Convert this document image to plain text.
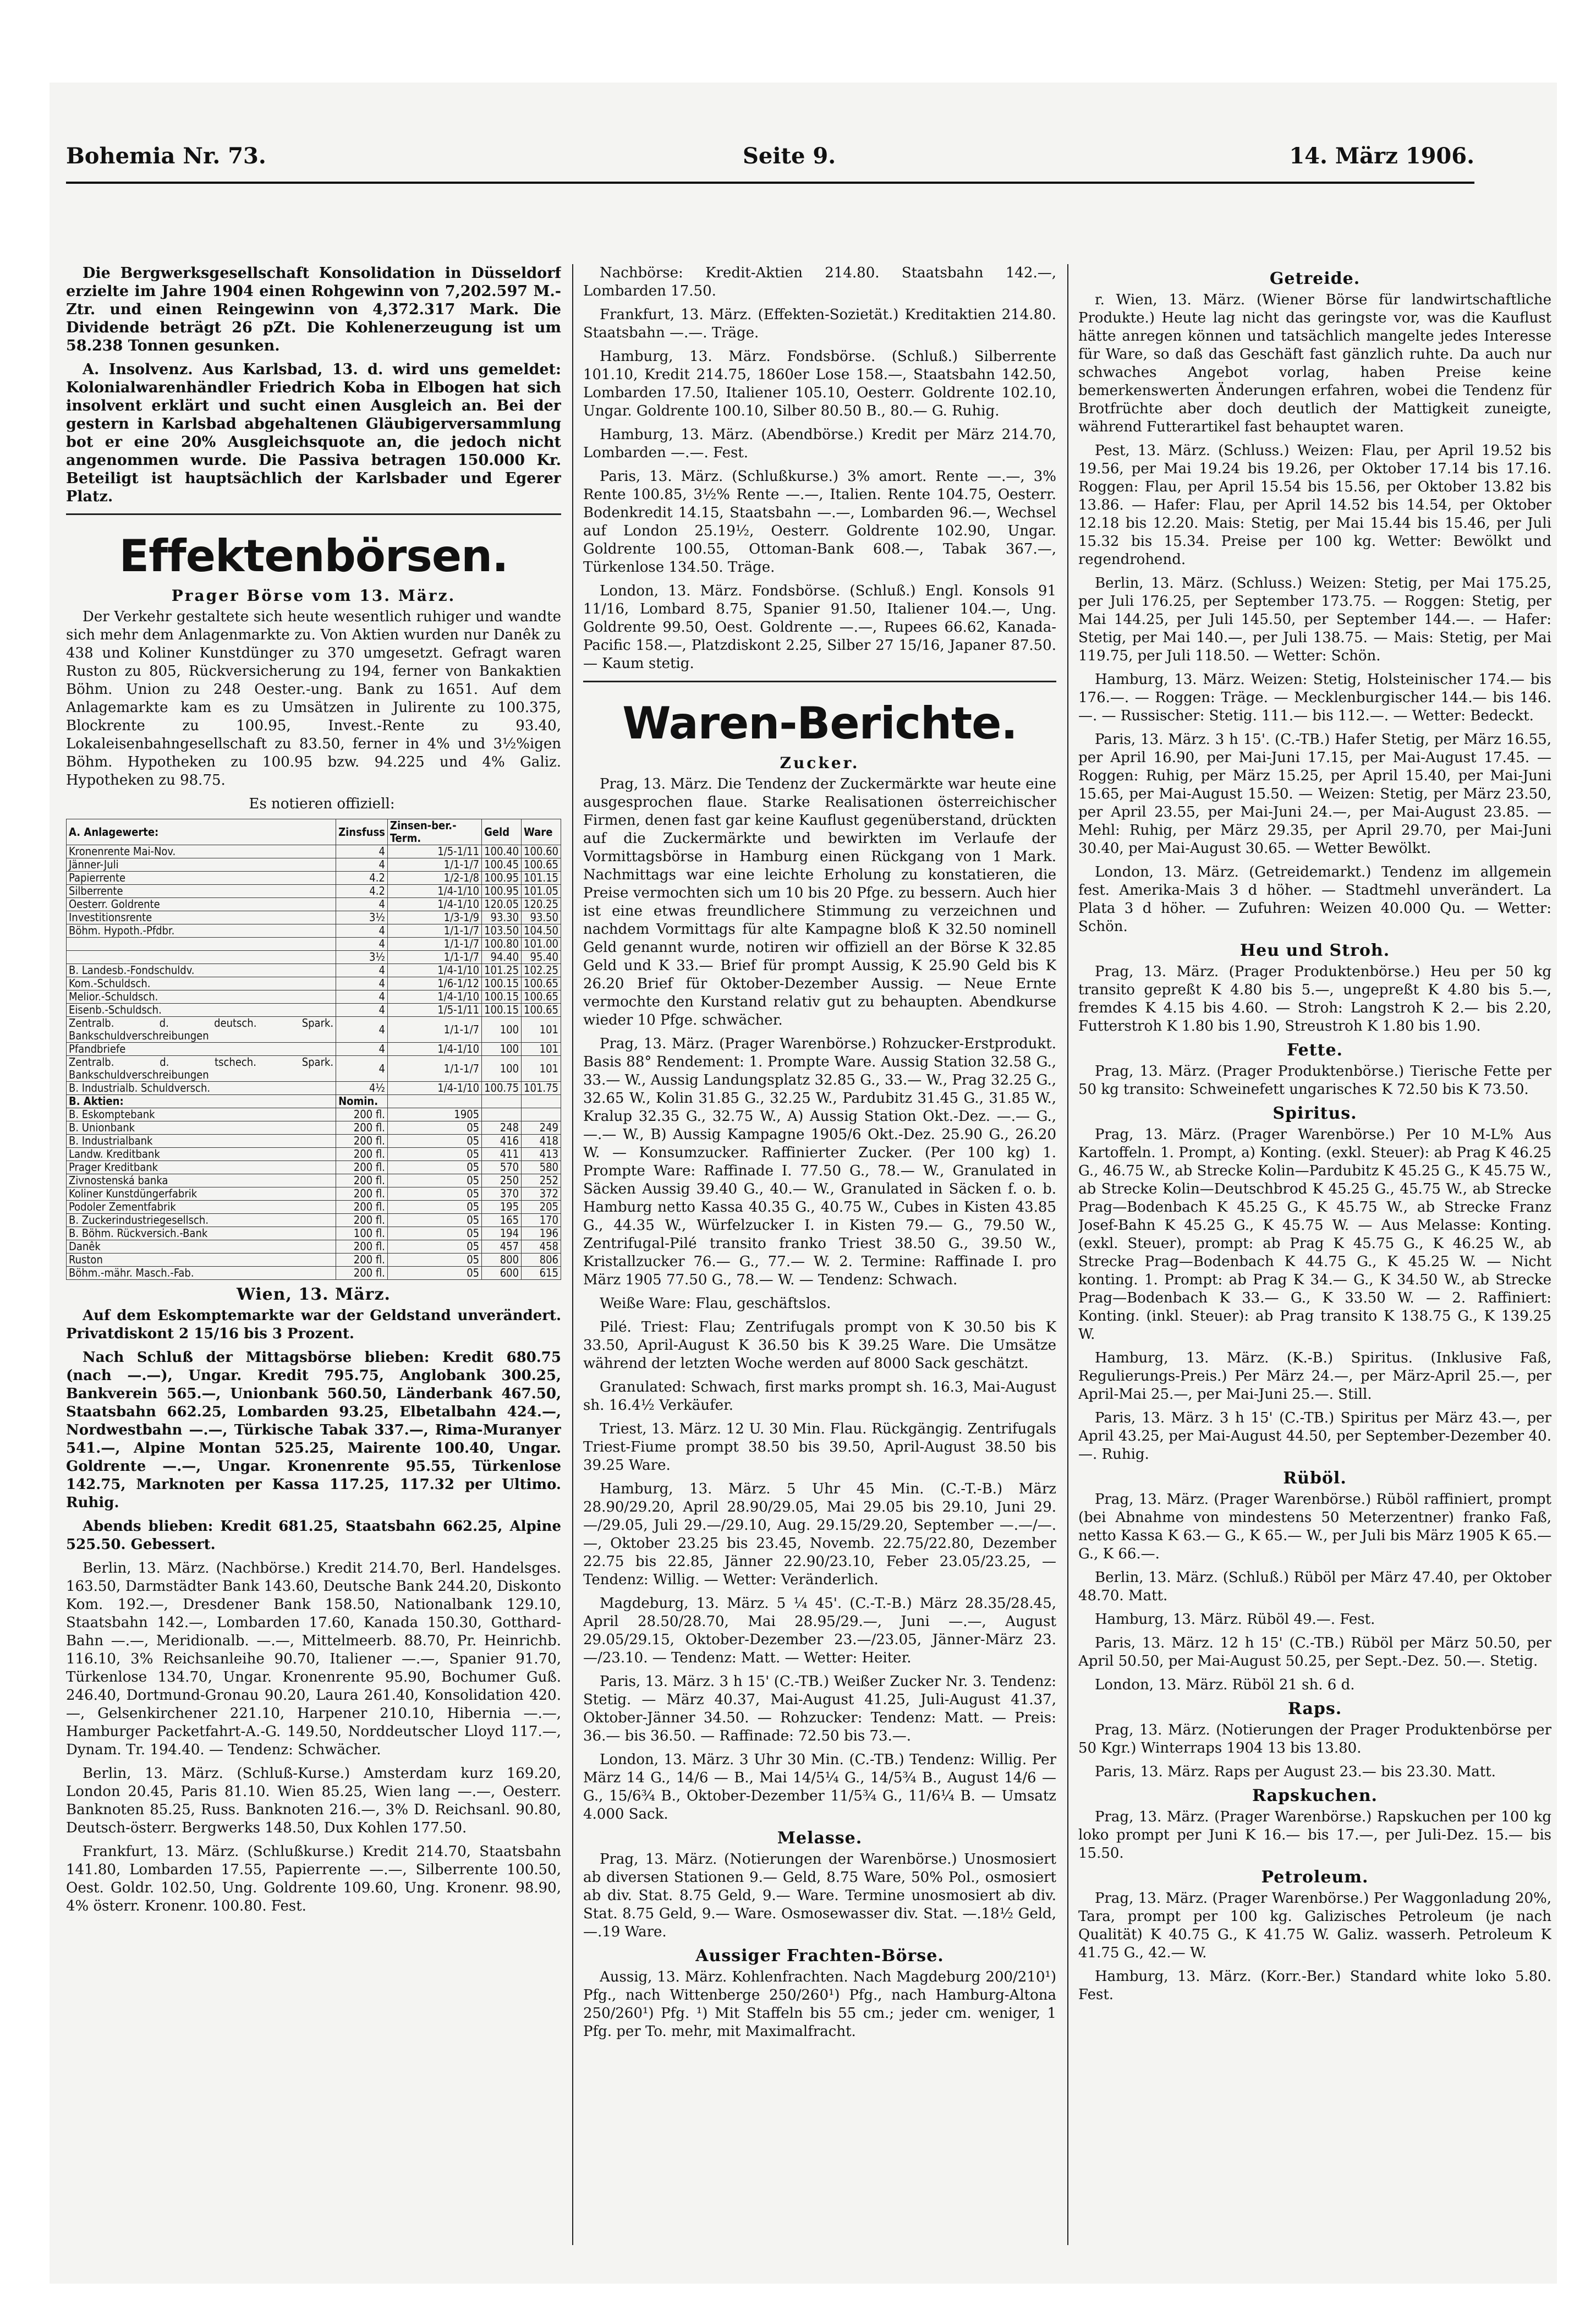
Bohemia Nr. 73.	Seite 9.	14. März 1906.

Die Bergwerksgesellschaft Konsolidation in Düsseldorf erzielte im Jahre 1904 einen Rohgewinn von 7,202.597 M.-Ztr. und einen Reingewinn von 4,372.317 Mark. Die Dividende beträgt 26 pZt. Die Kohlenerzeugung ist um 58.238 Tonnen gesunken.

A. Insolvenz. Aus Karlsbad, 13. d. wird uns gemeldet: Kolonialwarenhändler Friedrich Koba in Elbogen hat sich insolvent erklärt und sucht einen Ausgleich an. Bei der gestern in Karlsbad abgehaltenen Gläubigerversammlung bot er eine 20% Ausgleichsquote an, die jedoch nicht angenommen wurde. Die Passiva betragen 150.000 Kr. Beteiligt ist hauptsächlich der Karlsbader und Egerer Platz.

Effektenbörsen.
Prager Börse vom 13. März.

Der Verkehr gestaltete sich heute wesentlich ruhiger und wandte sich mehr dem Anlagenmarkte zu. Von Aktien wurden nur Danêk zu 438 und Koliner Kunstdünger zu 370 umgesetzt. Gefragt waren Ruston zu 805, Rückversicherung zu 194, ferner von Bankaktien Böhm. Union zu 248 Oester.-ung. Bank zu 1651. Auf dem Anlagemarkte kam es zu Umsätzen in Julirente zu 100.375, Blockrente zu 100.95, Invest.-Rente zu 93.40, Lokaleisenbahngesellschaft zu 83.50, ferner in 4% und 3½%igen Böhm. Hypotheken zu 100.95 bzw. 94.225 und 4% Galiz. Hypotheken zu 98.75.

Es notieren offiziell:

A. Anlagewerte:	Zinsfuss	Zinsen-ber.-Term.	Geld	Ware
Kronenrente Mai-Nov.	4	1/5-1/11	100.40	100.60
Jänner-Juli	4	1/1-1/7	100.45	100.65
Papierrente	4.2	1/2-1/8	100.95	101.15
Silberrente	4.2	1/4-1/10	100.95	101.05
Oesterr. Goldrente	4	1/4-1/10	120.05	120.25
Investitionsrente	3½	1/3-1/9	93.30	93.50
Böhm. Hypoth.-Pfdbr.	4	1/1-1/7	103.50	104.50
	4	1/1-1/7	100.80	101.00
	3½	1/1-1/7	94.40	95.40
B. Landesb.-Fondschuldv.	4	1/4-1/10	101.25	102.25
Kom.-Schuldsch.	4	1/6-1/12	100.15	100.65
Melior.-Schuldsch.	4	1/4-1/10	100.15	100.65
Eisenb.-Schuldsch.	4	1/5-1/11	100.15	100.65
Zentralb. d. deutsch. Spark. Bankschuldverschreibungen	4	1/1-1/7	100	101
Pfandbriefe	4	1/4-1/10	100	101
Zentralb. d. tschech. Spark. Bankschuldverschreibungen	4	1/1-1/7	100	101
B. Industrialb. Schuldversch.	4½	1/4-1/10	100.75	101.75
B. Aktien:	Nomin.			
B. Eskomptebank	200 fl.	1905		
B. Unionbank	200 fl.	05	248	249
B. Industrialbank	200 fl.	05	416	418
Landw. Kreditbank	200 fl.	05	411	413
Prager Kreditbank	200 fl.	05	570	580
Zivnostenská banka	200 fl.	05	250	252
Koliner Kunstdüngerfabrik	200 fl.	05	370	372
Podoler Zementfabrik	200 fl.	05	195	205
B. Zuckerindustriegesellsch.	200 fl.	05	165	170
B. Böhm. Rückversich.-Bank	100 fl.	05	194	196
Danêk	200 fl.	05	457	458
Ruston	200 fl.	05	800	806
Böhm.-mähr. Masch.-Fab.	200 fl.	05	600	615
Wien, 13. März.

Auf dem Eskomptemarkte war der Geldstand unverändert. Privatdiskont 2 15/16 bis 3 Prozent.

Nach Schluß der Mittagsbörse blieben: Kredit 680.75 (nach —.—), Ungar. Kredit 795.75, Anglobank 300.25, Bankverein 565.—, Unionbank 560.50, Länderbank 467.50, Staatsbahn 662.25, Lombarden 93.25, Elbetalbahn 424.—, Nordwestbahn —.—, Türkische Tabak 337.—, Rima-Muranyer 541.—, Alpine Montan 525.25, Mairente 100.40, Ungar. Goldrente —.—, Ungar. Kronenrente 95.55, Türkenlose 142.75, Marknoten per Kassa 117.25, 117.32 per Ultimo. Ruhig.

Abends blieben: Kredit 681.25, Staatsbahn 662.25, Alpine 525.50. Gebessert.

Berlin, 13. März. (Nachbörse.) Kredit 214.70, Berl. Handelsges. 163.50, Darmstädter Bank 143.60, Deutsche Bank 244.20, Diskonto Kom. 192.—, Dresdener Bank 158.50, Nationalbank 129.10, Staatsbahn 142.—, Lombarden 17.60, Kanada 150.30, Gotthard-Bahn —.—, Meridionalb. —.—, Mittelmeerb. 88.70, Pr. Heinrichb. 116.10, 3% Reichsanleihe 90.70, Italiener —.—, Spanier 91.70, Türkenlose 134.70, Ungar. Kronenrente 95.90, Bochumer Guß. 246.40, Dortmund-Gronau 90.20, Laura 261.40, Konsolidation 420.—, Gelsenkirchener 221.10, Harpener 210.10, Hibernia —.—, Hamburger Packetfahrt-A.-G. 149.50, Norddeutscher Lloyd 117.—, Dynam. Tr. 194.40. — Tendenz: Schwächer.

Berlin, 13. März. (Schluß-Kurse.) Amsterdam kurz 169.20, London 20.45, Paris 81.10. Wien 85.25, Wien lang —.—, Oesterr. Banknoten 85.25, Russ. Banknoten 216.—, 3% D. Reichsanl. 90.80, Deutsch-österr. Bergwerks 148.50, Dux Kohlen 177.50.

Frankfurt, 13. März. (Schlußkurse.) Kredit 214.70, Staatsbahn 141.80, Lombarden 17.55, Papierrente —.—, Silberrente 100.50, Oest. Goldr. 102.50, Ung. Goldrente 109.60, Ung. Kronenr. 98.90, 4% österr. Kronenr. 100.80. Fest.

Nachbörse: Kredit-Aktien 214.80. Staatsbahn 142.—, Lombarden 17.50.

Frankfurt, 13. März. (Effekten-Sozietät.) Kreditaktien 214.80. Staatsbahn —.—. Träge.

Hamburg, 13. März. Fondsbörse. (Schluß.) Silberrente 101.10, Kredit 214.75, 1860er Lose 158.—, Staatsbahn 142.50, Lombarden 17.50, Italiener 105.10, Oesterr. Goldrente 102.10, Ungar. Goldrente 100.10, Silber 80.50 B., 80.— G. Ruhig.

Hamburg, 13. März. (Abendbörse.) Kredit per März 214.70, Lombarden —.—. Fest.

Paris, 13. März. (Schlußkurse.) 3% amort. Rente —.—, 3% Rente 100.85, 3½% Rente —.—, Italien. Rente 104.75, Oesterr. Bodenkredit 14.15, Staatsbahn —.—, Lombarden 96.—, Wechsel auf London 25.19½, Oesterr. Goldrente 102.90, Ungar. Goldrente 100.55, Ottoman-Bank 608.—, Tabak 367.—, Türkenlose 134.50. Träge.

London, 13. März. Fondsbörse. (Schluß.) Engl. Konsols 91 11/16, Lombard 8.75, Spanier 91.50, Italiener 104.—, Ung. Goldrente 99.50, Oest. Goldrente —.—, Rupees 66.62, Kanada-Pacific 158.—, Platzdiskont 2.25, Silber 27 15/16, Japaner 87.50. — Kaum stetig.

Waren-Berichte.
Zucker.

Prag, 13. März. Die Tendenz der Zuckermärkte war heute eine ausgesprochen flaue. Starke Realisationen österreichischer Firmen, denen fast gar keine Kauflust gegenüberstand, drückten auf die Zuckermärkte und bewirkten im Verlaufe der Vormittagsbörse in Hamburg einen Rückgang von 1 Mark. Nachmittags war eine leichte Erholung zu konstatieren, die Preise vermochten sich um 10 bis 20 Pfge. zu bessern. Auch hier ist eine etwas freundlichere Stimmung zu verzeichnen und nachdem Vormittags für alte Kampagne bloß K 32.50 nominell Geld genannt wurde, notiren wir offiziell an der Börse K 32.85 Geld und K 33.— Brief für prompt Aussig, K 25.90 Geld bis K 26.20 Brief für Oktober-Dezember Aussig. — Neue Ernte vermochte den Kurstand relativ gut zu behaupten. Abendkurse wieder 10 Pfge. schwächer.

Prag, 13. März. (Prager Warenbörse.) Rohzucker-Erstprodukt. Basis 88° Rendement: 1. Prompte Ware. Aussig Station 32.58 G., 33.— W., Aussig Landungsplatz 32.85 G., 33.— W., Prag 32.25 G., 32.65 W., Kolin 31.85 G., 32.25 W., Pardubitz 31.45 G., 31.85 W., Kralup 32.35 G., 32.75 W., A) Aussig Station Okt.-Dez. —.— G., —.— W., B) Aussig Kampagne 1905/6 Okt.-Dez. 25.90 G., 26.20 W. — Konsumzucker. Raffinierter Zucker. (Per 100 kg) 1. Prompte Ware: Raffinade I. 77.50 G., 78.— W., Granulated in Säcken Aussig 39.40 G., 40.— W., Granulated in Säcken f. o. b. Hamburg netto Kassa 40.35 G., 40.75 W., Cubes in Kisten 43.85 G., 44.35 W., Würfelzucker I. in Kisten 79.— G., 79.50 W., Zentrifugal-Pilé transito franko Triest 38.50 G., 39.50 W., Kristallzucker 76.— G., 77.— W. 2. Termine: Raffinade I. pro März 1905 77.50 G., 78.— W. — Tendenz: Schwach.

Weiße Ware: Flau, geschäftslos.

Pilé. Triest: Flau; Zentrifugals prompt von K 30.50 bis K 33.50, April-August K 36.50 bis K 39.25 Ware. Die Umsätze während der letzten Woche werden auf 8000 Sack geschätzt.

Granulated: Schwach, first marks prompt sh. 16.3, Mai-August sh. 16.4½ Verkäufer.

Triest, 13. März. 12 U. 30 Min. Flau. Rückgängig. Zentrifugals Triest-Fiume prompt 38.50 bis 39.50, April-August 38.50 bis 39.25 Ware.

Hamburg, 13. März. 5 Uhr 45 Min. (C.-T.-B.) März 28.90/29.20, April 28.90/29.05, Mai 29.05 bis 29.10, Juni 29.—/29.05, Juli 29.—/29.10, Aug. 29.15/29.20, September —.—/—.—, Oktober 23.25 bis 23.45, Novemb. 22.75/22.80, Dezember 22.75 bis 22.85, Jänner 22.90/23.10, Feber 23.05/23.25, — Tendenz: Willig. — Wetter: Veränderlich.

Magdeburg, 13. März. 5 ¼ 45'. (C.-T.-B.) März 28.35/28.45, April 28.50/28.70, Mai 28.95/29.—, Juni —.—, August 29.05/29.15, Oktober-Dezember 23.—/23.05, Jänner-März 23.—/23.10. — Tendenz: Matt. — Wetter: Heiter.

Paris, 13. März. 3 h 15' (C.-TB.) Weißer Zucker Nr. 3. Tendenz: Stetig. — März 40.37, Mai-August 41.25, Juli-August 41.37, Oktober-Jänner 34.50. — Rohzucker: Tendenz: Matt. — Preis: 36.— bis 36.50. — Raffinade: 72.50 bis 73.—.

London, 13. März. 3 Uhr 30 Min. (C.-TB.) Tendenz: Willig. Per März 14 G., 14/6 — B., Mai 14/5¼ G., 14/5¾ B., August 14/6 — G., 15/6¾ B., Oktober-Dezember 11/5¾ G., 11/6¼ B. — Umsatz 4.000 Sack.

Melasse.

Prag, 13. März. (Notierungen der Warenbörse.) Unosmosiert ab diversen Stationen 9.— Geld, 8.75 Ware, 50% Pol., osmosiert ab div. Stat. 8.75 Geld, 9.— Ware. Termine unosmosiert ab div. Stat. 8.75 Geld, 9.— Ware. Osmosewasser div. Stat. —.18½ Geld, —.19 Ware.

Aussiger Frachten-Börse.

Aussig, 13. März. Kohlenfrachten. Nach Magdeburg 200/210¹) Pfg., nach Wittenberge 250/260¹) Pfg., nach Hamburg-Altona 250/260¹) Pfg. ¹) Mit Staffeln bis 55 cm.; jeder cm. weniger, 1 Pfg. per To. mehr, mit Maximalfracht.

Getreide.

r. Wien, 13. März. (Wiener Börse für landwirtschaftliche Produkte.) Heute lag nicht das geringste vor, was die Kauflust hätte anregen können und tatsächlich mangelte jedes Interesse für Ware, so daß das Geschäft fast gänzlich ruhte. Da auch nur schwaches Angebot vorlag, haben Preise keine bemerkenswerten Änderungen erfahren, wobei die Tendenz für Brotfrüchte aber doch deutlich der Mattigkeit zuneigte, während Futterartikel fast behauptet waren.

Pest, 13. März. (Schluss.) Weizen: Flau, per April 19.52 bis 19.56, per Mai 19.24 bis 19.26, per Oktober 17.14 bis 17.16. Roggen: Flau, per April 15.54 bis 15.56, per Oktober 13.82 bis 13.86. — Hafer: Flau, per April 14.52 bis 14.54, per Oktober 12.18 bis 12.20. Mais: Stetig, per Mai 15.44 bis 15.46, per Juli 15.32 bis 15.34. Preise per 100 kg. Wetter: Bewölkt und regendrohend.

Berlin, 13. März. (Schluss.) Weizen: Stetig, per Mai 175.25, per Juli 176.25, per September 173.75. — Roggen: Stetig, per Mai 144.25, per Juli 145.50, per September 144.—. — Hafer: Stetig, per Mai 140.—, per Juli 138.75. — Mais: Stetig, per Mai 119.75, per Juli 118.50. — Wetter: Schön.

Hamburg, 13. März. Weizen: Stetig, Holsteinischer 174.— bis 176.—. — Roggen: Träge. — Mecklenburgischer 144.— bis 146.—. — Russischer: Stetig. 111.— bis 112.—. — Wetter: Bedeckt.

Paris, 13. März. 3 h 15'. (C.-TB.) Hafer Stetig, per März 16.55, per April 16.90, per Mai-Juni 17.15, per Mai-August 17.45. — Roggen: Ruhig, per März 15.25, per April 15.40, per Mai-Juni 15.65, per Mai-August 15.50. — Weizen: Stetig, per März 23.50, per April 23.55, per Mai-Juni 24.—, per Mai-August 23.85. — Mehl: Ruhig, per März 29.35, per April 29.70, per Mai-Juni 30.40, per Mai-August 30.65. — Wetter Bewölkt.

London, 13. März. (Getreidemarkt.) Tendenz im allgemein fest. Amerika-Mais 3 d höher. — Stadtmehl unverändert. La Plata 3 d höher. — Zufuhren: Weizen 40.000 Qu. — Wetter: Schön.

Heu und Stroh.

Prag, 13. März. (Prager Produktenbörse.) Heu per 50 kg transito gepreßt K 4.80 bis 5.—, ungepreßt K 4.80 bis 5.—, fremdes K 4.15 bis 4.60. — Stroh: Langstroh K 2.— bis 2.20, Futterstroh K 1.80 bis 1.90, Streustroh K 1.80 bis 1.90.

Fette.

Prag, 13. März. (Prager Produktenbörse.) Tierische Fette per 50 kg transito: Schweinefett ungarisches K 72.50 bis K 73.50.

Spiritus.

Prag, 13. März. (Prager Warenbörse.) Per 10 M-L% Aus Kartoffeln. 1. Prompt, a) Konting. (exkl. Steuer): ab Prag K 46.25 G., 46.75 W., ab Strecke Kolin—Pardubitz K 45.25 G., K 45.75 W., ab Strecke Kolin—Deutschbrod K 45.25 G., 45.75 W., ab Strecke Prag—Bodenbach K 45.25 G., K 45.75 W., ab Strecke Franz Josef-Bahn K 45.25 G., K 45.75 W. — Aus Melasse: Konting. (exkl. Steuer), prompt: ab Prag K 45.75 G., K 46.25 W., ab Strecke Prag—Bodenbach K 44.75 G., K 45.25 W. — Nicht konting. 1. Prompt: ab Prag K 34.— G., K 34.50 W., ab Strecke Prag—Bodenbach K 33.— G., K 33.50 W. — 2. Raffiniert: Konting. (inkl. Steuer): ab Prag transito K 138.75 G., K 139.25 W.

Hamburg, 13. März. (K.-B.) Spiritus. (Inklusive Faß, Regulierungs-Preis.) Per März 24.—, per März-April 25.—, per April-Mai 25.—, per Mai-Juni 25.—. Still.

Paris, 13. März. 3 h 15' (C.-TB.) Spiritus per März 43.—, per April 43.25, per Mai-August 44.50, per September-Dezember 40.—. Ruhig.

Rüböl.

Prag, 13. März. (Prager Warenbörse.) Rüböl raffiniert, prompt (bei Abnahme von mindestens 50 Meterzentner) franko Faß, netto Kassa K 63.— G., K 65.— W., per Juli bis März 1905 K 65.— G., K 66.—.

Berlin, 13. März. (Schluß.) Rüböl per März 47.40, per Oktober 48.70. Matt.

Hamburg, 13. März. Rüböl 49.—. Fest.

Paris, 13. März. 12 h 15' (C.-TB.) Rüböl per März 50.50, per April 50.50, per Mai-August 50.25, per Sept.-Dez. 50.—. Stetig.

London, 13. März. Rüböl 21 sh. 6 d.

Raps.

Prag, 13. März. (Notierungen der Prager Produktenbörse per 50 Kgr.) Winterraps 1904 13 bis 13.80.

Paris, 13. März. Raps per August 23.— bis 23.30. Matt.

Rapskuchen.

Prag, 13. März. (Prager Warenbörse.) Rapskuchen per 100 kg loko prompt per Juni K 16.— bis 17.—, per Juli-Dez. 15.— bis 15.50.

Petroleum.

Prag, 13. März. (Prager Warenbörse.) Per Waggonladung 20%, Tara, prompt per 100 kg. Galizisches Petroleum (je nach Qualität) K 40.75 G., K 41.75 W. Galiz. wasserh. Petroleum K 41.75 G., 42.— W.

Hamburg, 13. März. (Korr.-Ber.) Standard white loko 5.80. Fest.
